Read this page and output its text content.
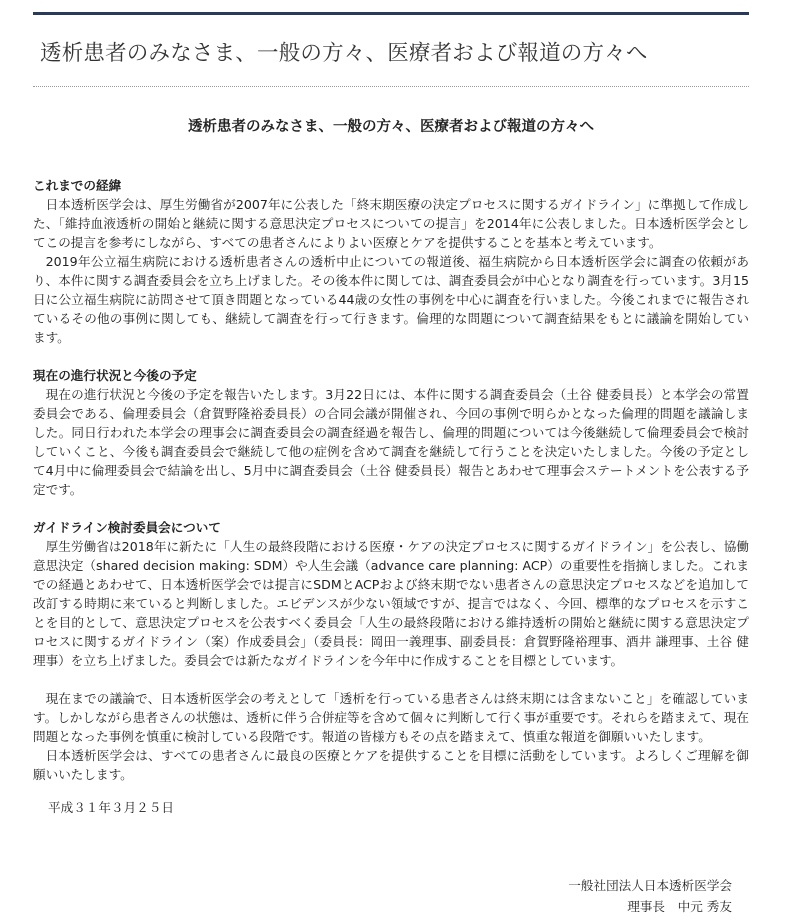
透析患者のみなさま、一般の方々、医療者および報道の方々へ
透析患者のみなさま、一般の方々、医療者および報道の方々へ

これまでの経緯

日本透析医学会は、厚生労働省が2007年に公表した「終末期医療の決定プロセスに関するガイドライン」に準拠して作成した、「維持血液透析の開始と継続に関する意思決定プロセスについての提言」を2014年に公表しました。日本透析医学会としてこの提言を参考にしながら、すべての患者さんによりよい医療とケアを提供することを基本と考えています。

2019年公立福生病院における透析患者さんの透析中止についての報道後、福生病院から日本透析医学会に調査の依頼があり、本件に関する調査委員会を立ち上げました。その後本件に関しては、調査委員会が中心となり調査を行っています。3月15日に公立福生病院に訪問させて頂き問題となっている44歳の女性の事例を中心に調査を行いました。今後これまでに報告されているその他の事例に関しても、継続して調査を行って行きます。倫理的な問題について調査結果をもとに議論を開始しています。

現在の進行状況と今後の予定

現在の進行状況と今後の予定を報告いたします。3月22日には、本件に関する調査委員会（土谷 健委員長）と本学会の常置委員会である、倫理委員会（倉賀野隆裕委員長）の合同会議が開催され、今回の事例で明らかとなった倫理的問題を議論しました。同日行われた本学会の理事会に調査委員会の調査経過を報告し、倫理的問題については今後継続して倫理委員会で検討していくこと、今後も調査委員会で継続して他の症例を含めて調査を継続して行うことを決定いたしました。今後の予定として4月中に倫理委員会で結論を出し、5月中に調査委員会（土谷 健委員長）報告とあわせて理事会ステートメントを公表する予定です。

ガイドライン検討委員会について

厚生労働省は2018年に新たに「人生の最終段階における医療・ケアの決定プロセスに関するガイドライン」を公表し、協働意思決定（shared decision making: SDM）や人生会議（advance care planning: ACP）の重要性を指摘しました。これまでの経過とあわせて、日本透析医学会では提言にSDMとACPおよび終末期でない患者さんの意思決定プロセスなどを追加して改訂する時期に来ていると判断しました。エビデンスが少ない領域ですが、提言ではなく、今回、標準的なプロセスを示すことを目的として、意思決定プロセスを公表すべく委員会「人生の最終段階における維持透析の開始と継続に関する意思決定プロセスに関するガイドライン（案）作成委員会」（委員長：岡田一義理事、副委員長：倉賀野隆裕理事、酒井 謙理事、土谷 健理事）を立ち上げました。委員会では新たなガイドラインを今年中に作成することを目標としています。

現在までの議論で、日本透析医学会の考えとして「透析を行っている患者さんは終末期には含まないこと」を確認しています。しかしながら患者さんの状態は、透析に伴う合併症等を含めて個々に判断して行く事が重要です。それらを踏まえて、現在問題となった事例を慎重に検討している段階です。報道の皆様方もその点を踏まえて、慎重な報道を御願いいたします。

日本透析医学会は、すべての患者さんに最良の医療とケアを提供することを目標に活動をしています。よろしくご理解を御願いいたします。

平成３１年３月２５日

一般社団法人日本透析医学会
理事長　中元 秀友
